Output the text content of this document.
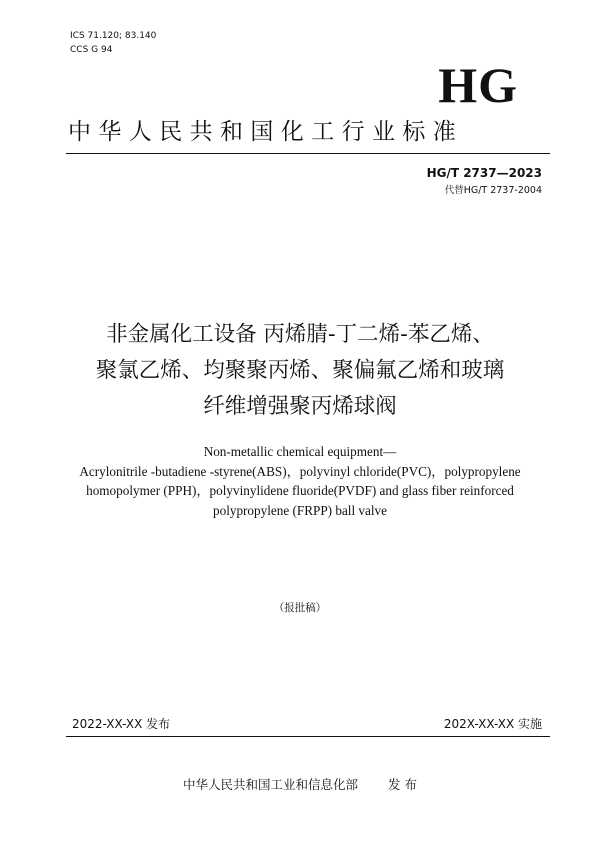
ICS 71.120; 83.140
CCS G 94
HG
中华人民共和国化工行业标准
HG/T 2737—2023
代替HG/T 2737-2004
非金属化工设备 丙烯腈-丁二烯-苯乙烯、
聚氯乙烯、均聚聚丙烯、聚偏氟乙烯和玻璃
纤维增强聚丙烯球阀
Non-metallic chemical equipment—
Acrylonitrile -butadiene -styrene(ABS)，polyvinyl chloride(PVC)，polypropylene
homopolymer (PPH)，polyvinylidene fluoride(PVDF) and glass fiber reinforced
polypropylene (FRPP) ball valve
（报批稿）
2022-XX-XX 发布	202X-XX-XX 实施
中华人民共和国工业和信息化部 发 布
